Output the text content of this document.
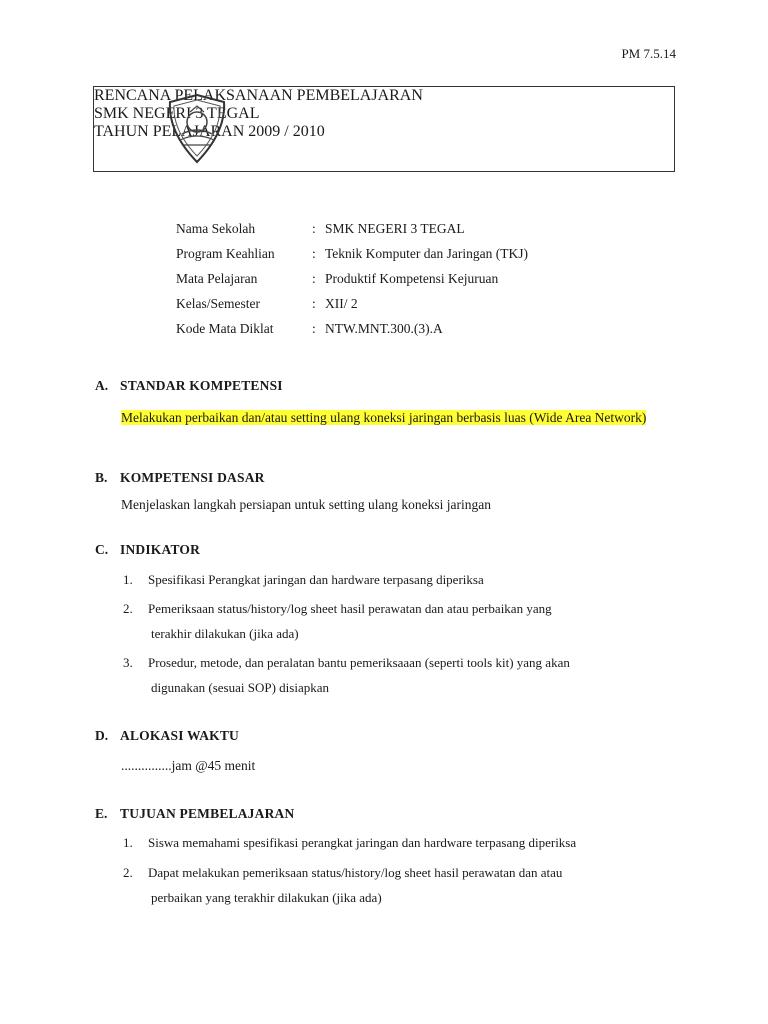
PM 7.5.14
RENCANA PELAKSANAAN PEMBELAJARAN
SMK NEGERI 3 TEGAL
TAHUN PELAJARAN 2009 / 2010
Nama Sekolah	: SMK NEGERI 3 TEGAL
Program Keahlian	: Teknik Komputer dan Jaringan (TKJ)
Mata Pelajaran	: Produktif Kompetensi Kejuruan
Kelas/Semester	: XII/ 2
Kode Mata Diklat	: NTW.MNT.300.(3).A
A. STANDAR KOMPETENSI
Melakukan perbaikan dan/atau setting ulang koneksi jaringan berbasis luas (Wide Area Network)
B. KOMPETENSI DASAR
Menjelaskan langkah persiapan untuk setting ulang koneksi jaringan
C. INDIKATOR
1. Spesifikasi Perangkat jaringan dan hardware terpasang diperiksa
2. Pemeriksaan status/history/log sheet hasil perawatan dan atau perbaikan yang
terakhir dilakukan (jika ada)
3. Prosedur, metode, dan peralatan bantu pemeriksaaan (seperti tools kit) yang akan
digunakan (sesuai SOP) disiapkan
D. ALOKASI WAKTU
...............jam @45 menit
E. TUJUAN PEMBELAJARAN
1. Siswa memahami spesifikasi perangkat jaringan dan hardware terpasang diperiksa
2. Dapat melakukan pemeriksaan status/history/log sheet hasil perawatan dan atau
perbaikan yang terakhir dilakukan (jika ada)
